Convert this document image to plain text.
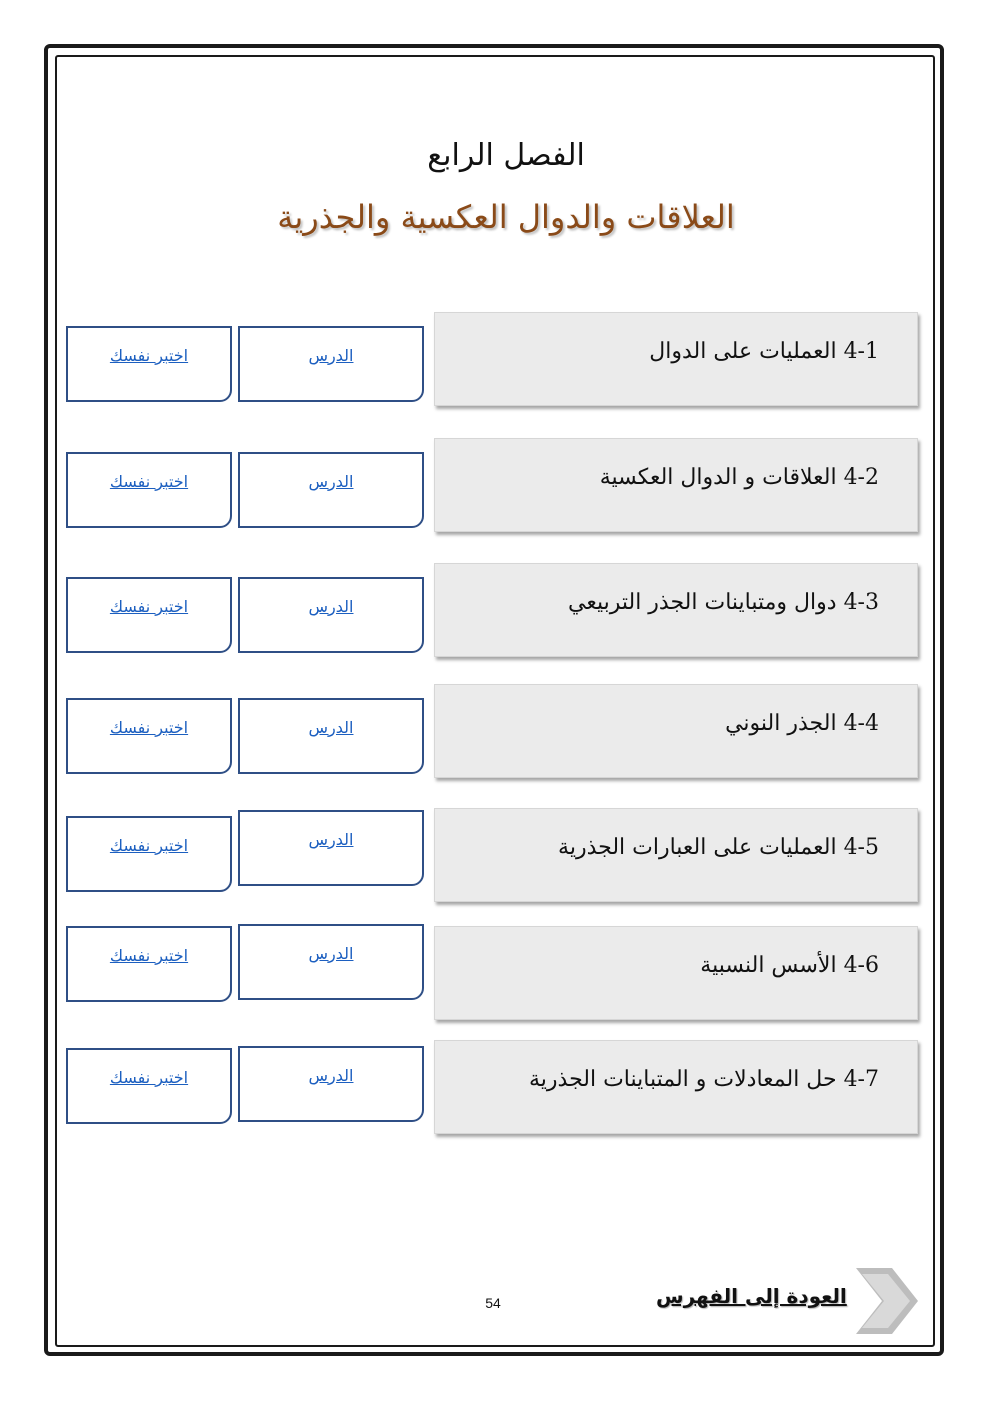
الفصل الرابع
العلاقات والدوال العكسية والجذرية
4-1 العمليات على الدوال
الدرس
اختبر نفسك
4-2 العلاقات و الدوال العكسية
الدرس
اختبر نفسك
4-3 دوال ومتباينات الجذر التربيعي
الدرس
اختبر نفسك
4-4 الجذر النوني
الدرس
اختبر نفسك
4-5 العمليات على العبارات الجذرية
الدرس
اختبر نفسك
4-6 الأسس النسبية
الدرس
اختبر نفسك
4-7 حل المعادلات و المتباينات الجذرية
الدرس
اختبر نفسك
العودة إلى الفهرس
54
